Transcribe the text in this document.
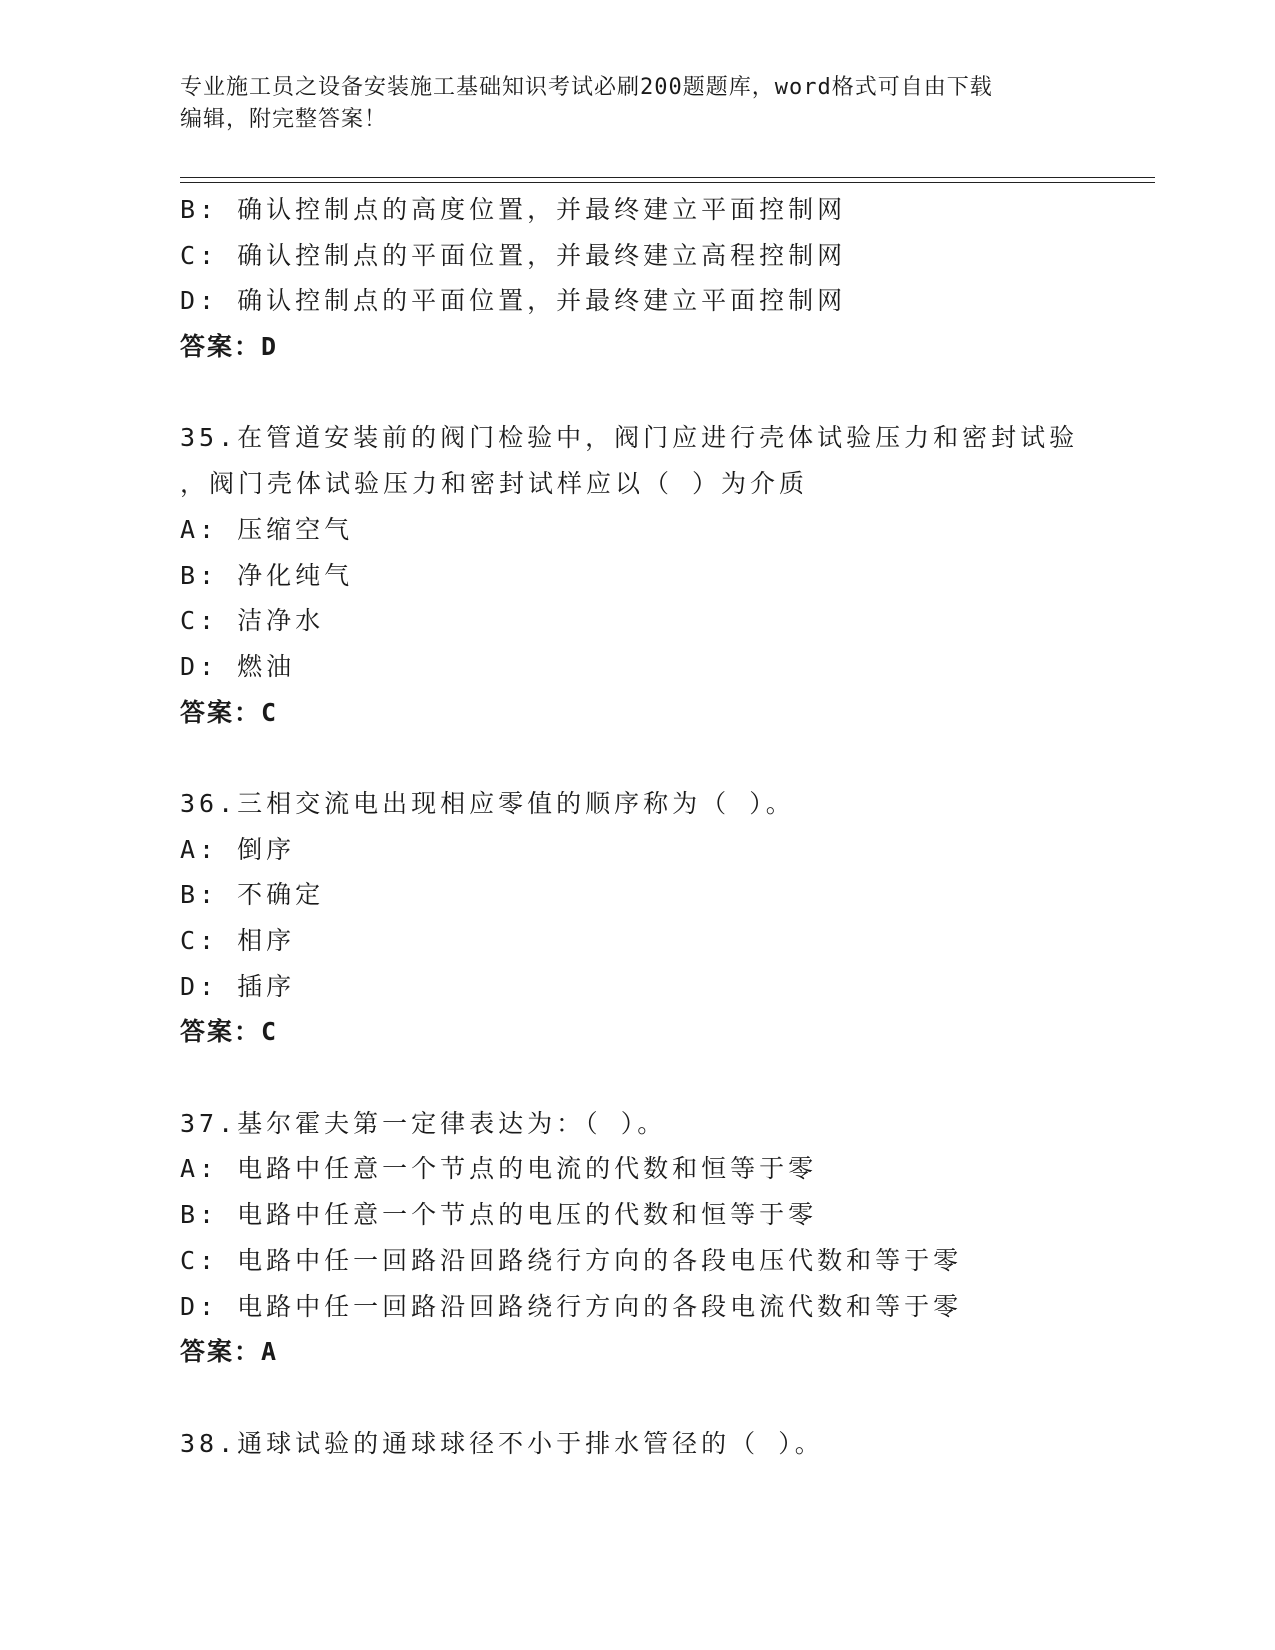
专业施工员之设备安装施工基础知识考试必刷200题题库，word格式可自由下载
编辑，附完整答案！
B: 确认控制点的高度位置，并最终建立平面控制网
C: 确认控制点的平面位置，并最终建立高程控制网
D: 确认控制点的平面位置，并最终建立平面控制网
答案：D
35.在管道安装前的阀门检验中，阀门应进行壳体试验压力和密封试验
，阀门壳体试验压力和密封试样应以（ ）为介质
A: 压缩空气
B: 净化纯气
C: 洁净水
D: 燃油
答案：C
36.三相交流电出现相应零值的顺序称为（ ）。
A: 倒序
B: 不确定
C: 相序
D: 插序
答案：C
37.基尔霍夫第一定律表达为：（ ）。
A: 电路中任意一个节点的电流的代数和恒等于零
B: 电路中任意一个节点的电压的代数和恒等于零
C: 电路中任一回路沿回路绕行方向的各段电压代数和等于零
D: 电路中任一回路沿回路绕行方向的各段电流代数和等于零
答案：A
38.通球试验的通球球径不小于排水管径的（ ）。
